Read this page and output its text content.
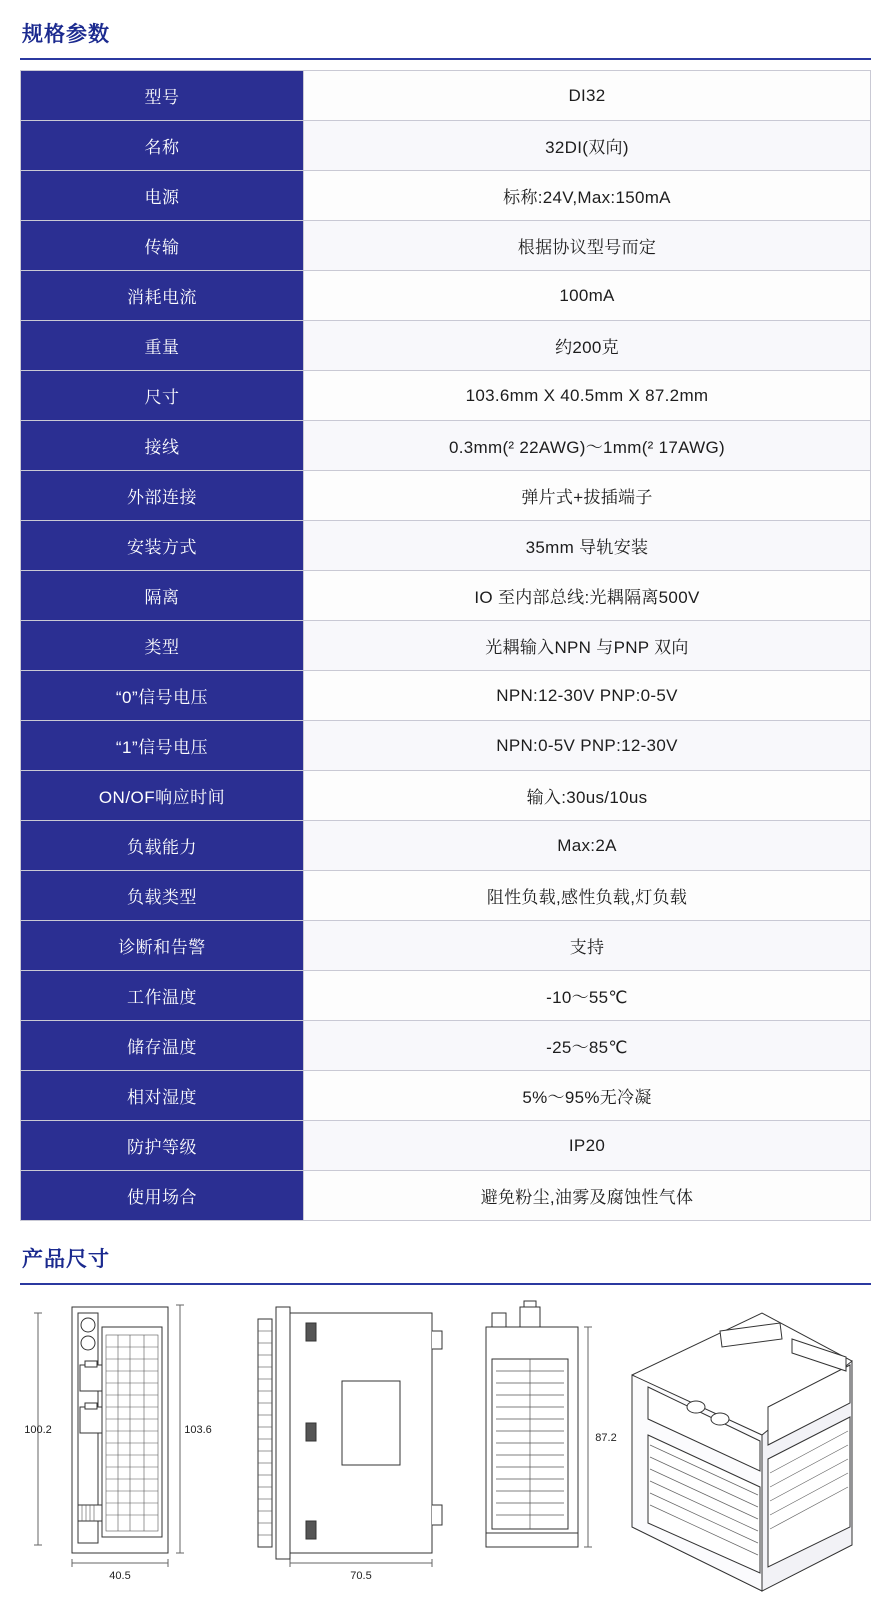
规格参数
型号	DI32
名称	32DI(双向)
电源	标称:24V,Max:150mA
传输	根据协议型号而定
消耗电流	100mA
重量	约200克
尺寸	103.6mm X 40.5mm X 87.2mm
接线	0.3mm(² 22AWG)～1mm(² 17AWG)
外部连接	弹片式+拔插端子
安装方式	35mm 导轨安装
隔离	IO 至内部总线:光耦隔离500V
类型	光耦输入NPN 与PNP 双向
“0”信号电压	NPN:12-30V PNP:0-5V
“1”信号电压	NPN:0-5V PNP:12-30V
ON/OF响应时间	输入:30us/10us
负载能力	Max:2A
负载类型	阻性负载,感性负载,灯负载
诊断和告警	支持
工作温度	-10～55℃
储存温度	-25～85℃
相对湿度	5%～95%无冷凝
防护等级	IP20
使用场合	避免粉尘,油雾及腐蚀性气体
产品尺寸
100.2	103.6
40.5	70.5
87.2
